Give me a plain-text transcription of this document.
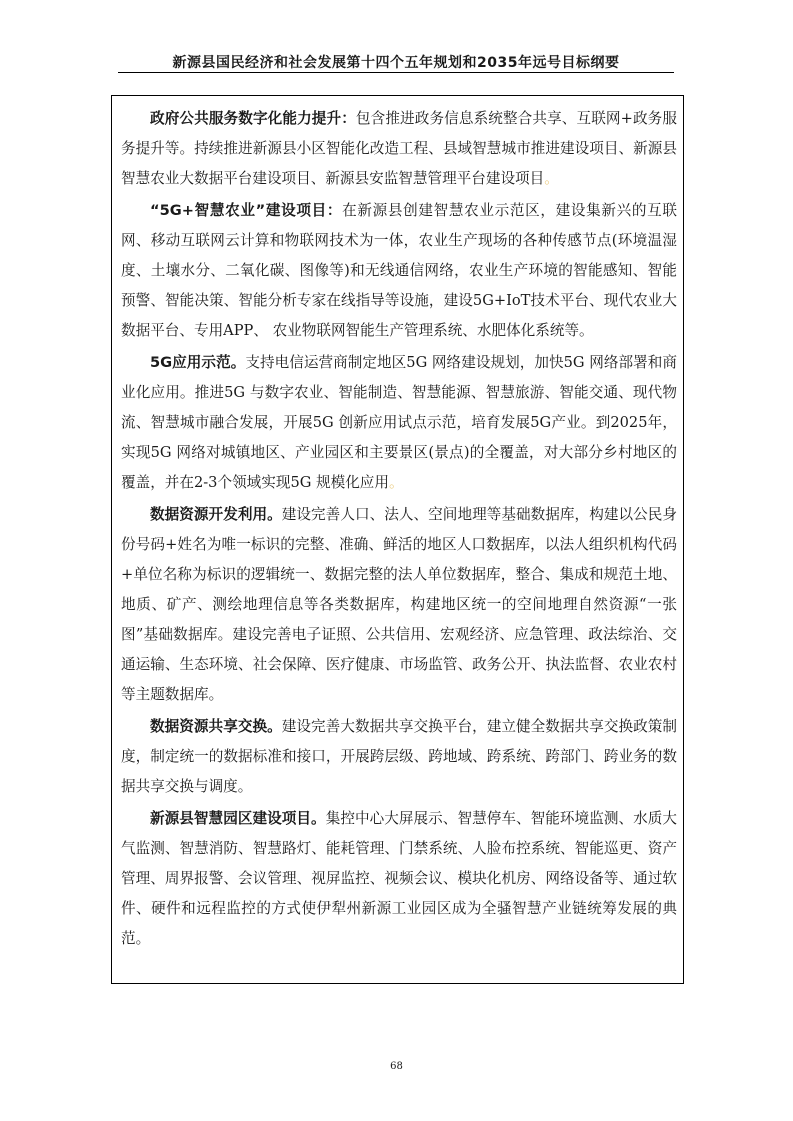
新源县国民经济和社会发展第十四个五年规划和2035年远号目标纲要

政府公共服务数字化能力提升：包含推进政务信息系统整合共享、互联网+政务服务提升等。持续推进新源县小区智能化改造工程、县域智慧城市推进建设项目、新源县智慧农业大数据平台建设项目、新源县安监智慧管理平台建设项目。

“5G+智慧农业”建设项目：在新源县创建智慧农业示范区，建设集新兴的互联网、移动互联网云计算和物联网技术为一体，农业生产现场的各种传感节点(环境温湿度、土壤水分、二氧化碳、图像等)和无线通信网络，农业生产环境的智能感知、智能预警、智能决策、智能分析专家在线指导等设施，建设5G+IoT技术平台、现代农业大数据平台、专用APP、 农业物联网智能生产管理系统、水肥体化系统等。

5G应用示范。支持电信运营商制定地区5G 网络建设规划，加快5G 网络部署和商业化应用。推进5G 与数字农业、智能制造、智慧能源、智慧旅游、智能交通、现代物流、智慧城市融合发展，开展5G 创新应用试点示范，培育发展5G产业。到2025年，实现5G 网络对城镇地区、产业园区和主要景区(景点)的全覆盖，对大部分乡村地区的覆盖，并在2-3个领域实现5G 规模化应用。

数据资源开发利用。建设完善人口、法人、空间地理等基础数据库，构建以公民身份号码+姓名为唯一标识的完整、准确、鲜活的地区人口数据库，以法人组织机构代码+单位名称为标识的逻辑统一、数据完整的法人单位数据库，整合、集成和规范土地、地质、矿产、测绘地理信息等各类数据库，构建地区统一的空间地理自然资源“一张图”基础数据库。建设完善电子证照、公共信用、宏观经济、应急管理、政法综治、交通运输、生态环境、社会保障、医疗健康、市场监管、政务公开、执法监督、农业农村等主题数据库。

数据资源共享交换。建设完善大数据共享交换平台，建立健全数据共享交换政策制度，制定统一的数据标准和接口，开展跨层级、跨地域、跨系统、跨部门、跨业务的数据共享交换与调度。

新源县智慧园区建设项目。集控中心大屏展示、智慧停车、智能环境监测、水质大气监测、智慧消防、智慧路灯、能耗管理、门禁系统、人脸布控系统、智能巡更、资产管理、周界报警、会议管理、视屏监控、视频会议、模块化机房、网络设备等、通过软件、硬件和远程监控的方式使伊犁州新源工业园区成为全骚智慧产业链统筹发展的典范。

68
